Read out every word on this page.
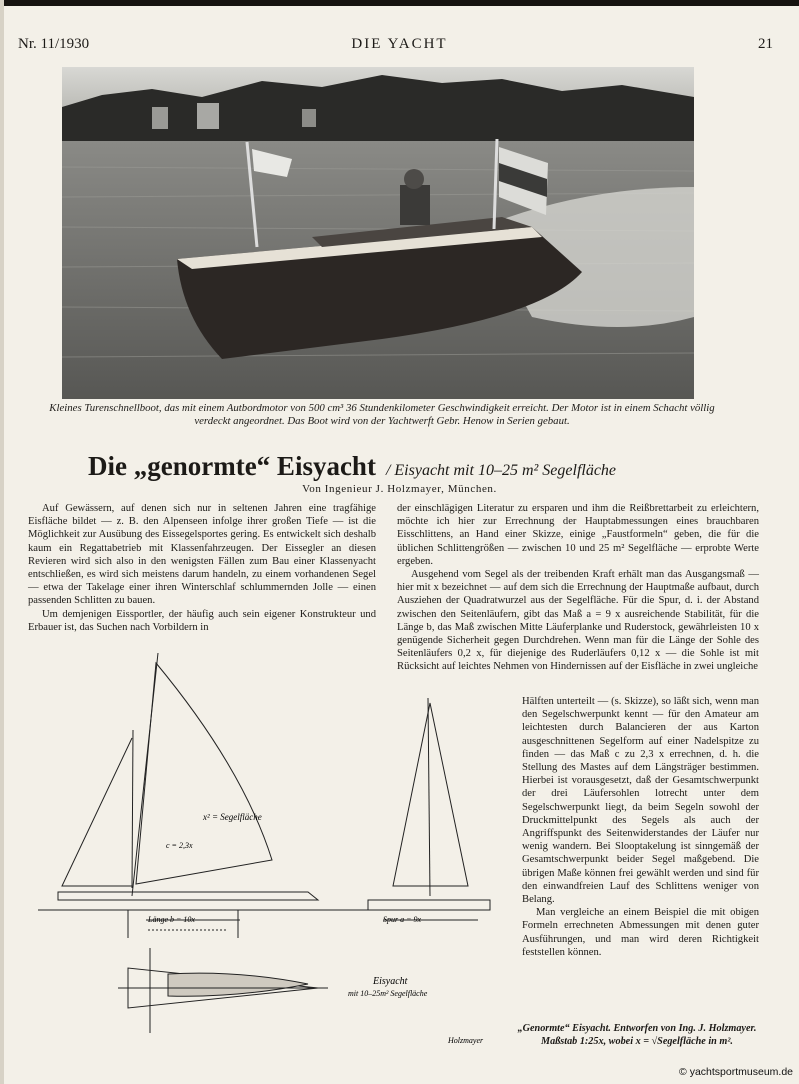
Nr. 11/1930	DIE YACHT	21
Kleines Turenschnellboot, das mit einem Autbordmotor von 500 cm³ 36 Stundenkilometer Geschwindigkeit erreicht. Der Motor ist in einem Schacht völlig verdeckt angeordnet. Das Boot wird von der Yachtwerft Gebr. Henow in Serien gebaut.
Die „genormte“ Eisyacht / Eisyacht mit 10–25 m² Segelfläche
Von Ingenieur J. Holzmayer, München.

Auf Gewässern, auf denen sich nur in seltenen Jahren eine tragfähige Eisfläche bildet — z. B. den Alpenseen infolge ihrer großen Tiefe — ist die Möglichkeit zur Ausübung des Eissegelsportes gering. Es entwickelt sich deshalb kaum ein Regattabetrieb mit Klassenfahrzeugen. Der Eissegler an diesen Revieren wird sich also in den wenigsten Fällen zum Bau einer Klassenyacht entschließen, es wird sich meistens darum handeln, zu einem vorhandenen Segel — etwa der Takelage einer ihren Winterschlaf schlummernden Jolle — einen passenden Schlitten zu bauen.

Um demjenigen Eissportler, der häufig auch sein eigener Konstrukteur und Erbauer ist, das Suchen nach Vorbildern in

der einschlägigen Literatur zu ersparen und ihm die Reißbrettarbeit zu erleichtern, möchte ich hier zur Errechnung der Hauptabmessungen eines brauchbaren Eisschlittens, an Hand einer Skizze, einige „Faustformeln“ geben, die für die üblichen Schlittengrößen — zwischen 10 und 25 m² Segelfläche — erprobte Werte ergeben.

Ausgehend vom Segel als der treibenden Kraft erhält man das Ausgangsmaß — hier mit x bezeichnet — auf dem sich die Errechnung der Hauptmaße aufbaut, durch Ausziehen der Quadratwurzel aus der Segelfläche. Für die Spur, d. i. der Abstand zwischen den Seitenläufern, gibt das Maß a = 9 x ausreichende Stabilität, für die Länge b, das Maß zwischen Mitte Läuferplanke und Ruderstock, gewährleisten 10 x genügende Sicherheit gegen Durchdrehen. Wenn man für die Länge der Sohle des Seitenläufers 0,2 x, für diejenige des Ruderläufers 0,12 x — die Sohle ist mit Rücksicht auf leichtes Nehmen von Hindernissen auf der Eisfläche in zwei ungleiche

Hälften unterteilt — (s. Skizze), so läßt sich, wenn man den Segelschwerpunkt kennt — für den Amateur am leichtesten durch Balancieren der aus Karton ausgeschnittenen Segelform auf einer Nadelspitze zu finden — das Maß c zu 2,3 x errechnen, d. h. die Stellung des Mastes auf dem Längsträger bestimmen. Hierbei ist vorausgesetzt, daß der Gesamtschwerpunkt der drei Läufersohlen lotrecht unter dem Segelschwerpunkt liegt, da beim Segeln sowohl der Druckmittelpunkt des Segels als auch der Angriffspunkt des Seitenwiderstandes der Läufer nur wenig wandern. Bei Slooptakelung ist sinngemäß der Gesamtschwerpunkt beider Segel maßgebend. Die übrigen Maße können frei gewählt werden und sind für den einwandfreien Lauf des Schlittens weniger von Belang.

Man vergleiche an einem Beispiel die mit obigen Formeln errechneten Abmessungen mit denen guter Ausführungen, und man wird deren Richtigkeit feststellen können.

x² = Segelfläche
Länge b = 10x	Spur a = 9x
c = 2,3x
Eisyacht
mit 10–25m² Segelfläche
Holzmayer
„Genormte“ Eisyacht. Entworfen von Ing. J. Holzmayer. Maßstab 1:25x, wobei x = √Segelfläche in m².
© yachtsportmuseum.de
